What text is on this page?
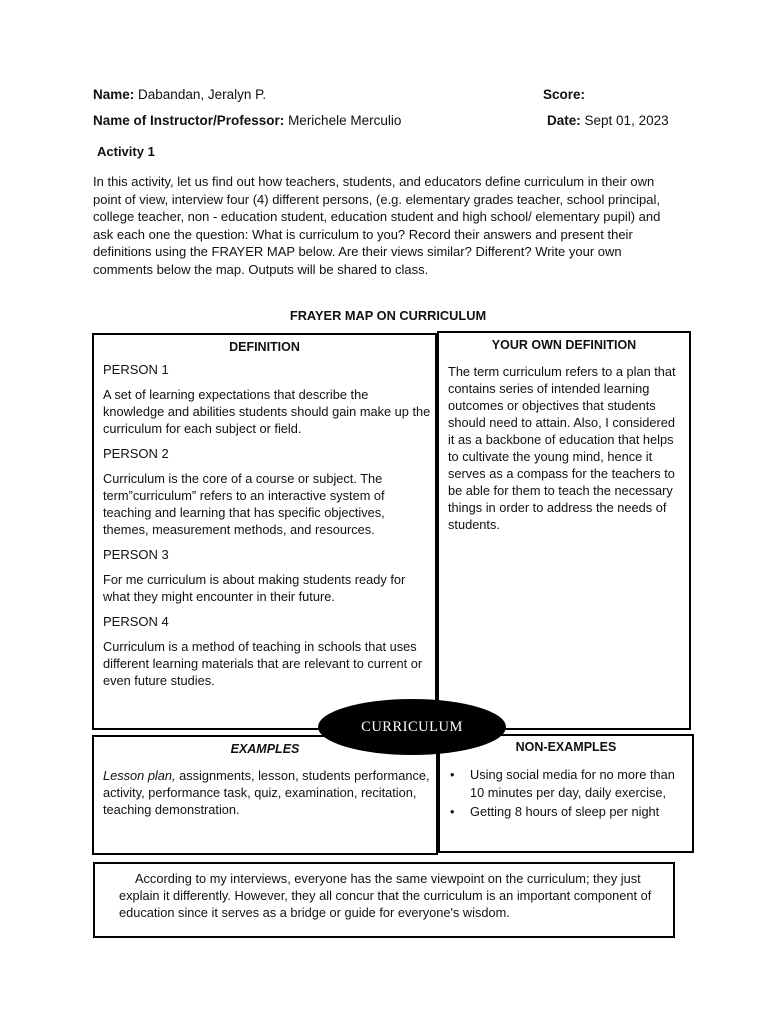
Name: Dabandan, Jeralyn P.	Score:
Name of Instructor/Professor: Merichele Merculio	Date: Sept 01, 2023
Activity 1
In this activity, let us find out how teachers, students, and educators define curriculum in their own point of view, interview four (4) different persons, (e.g. elementary grades teacher, school principal, college teacher, non - education student, education student and high school/ elementary pupil) and ask each one the question: What is curriculum to you? Record their answers and present their definitions using the FRAYER MAP below. Are their views similar? Different? Write your own comments below the map. Outputs will be shared to class.
FRAYER MAP ON CURRICULUM
DEFINITION
PERSON 1
A set of learning expectations that describe the knowledge and abilities students should gain make up the curriculum for each subject or field.
PERSON 2
Curriculum is the core of a course or subject. The term”curriculum” refers to an interactive system of teaching and learning that has specific objectives, themes, measurement methods, and resources.
PERSON 3
For me curriculum is about making students ready for what they might encounter in their future.
PERSON 4
Curriculum is a method of teaching in schools that uses different learning materials that are relevant to current or even future studies.
YOUR OWN DEFINITION
The term curriculum refers to a plan that contains series of intended learning outcomes or objectives that students should need to attain. Also, I considered it as a backbone of education that helps to cultivate the young mind, hence it serves as a compass for the teachers to be able for them to teach the necessary things in order to address the needs of students.
EXAMPLES
Lesson plan, assignments, lesson, students performance, activity, performance task, quiz, examination, recitation, teaching demonstration.
NON-EXAMPLES
• Using social media for no more than 10 minutes per day, daily exercise,
• Getting 8 hours of sleep per night
CURRICULUM
According to my interviews, everyone has the same viewpoint on the curriculum; they just explain it differently. However, they all concur that the curriculum is an important component of education since it serves as a bridge or guide for everyone's wisdom.
